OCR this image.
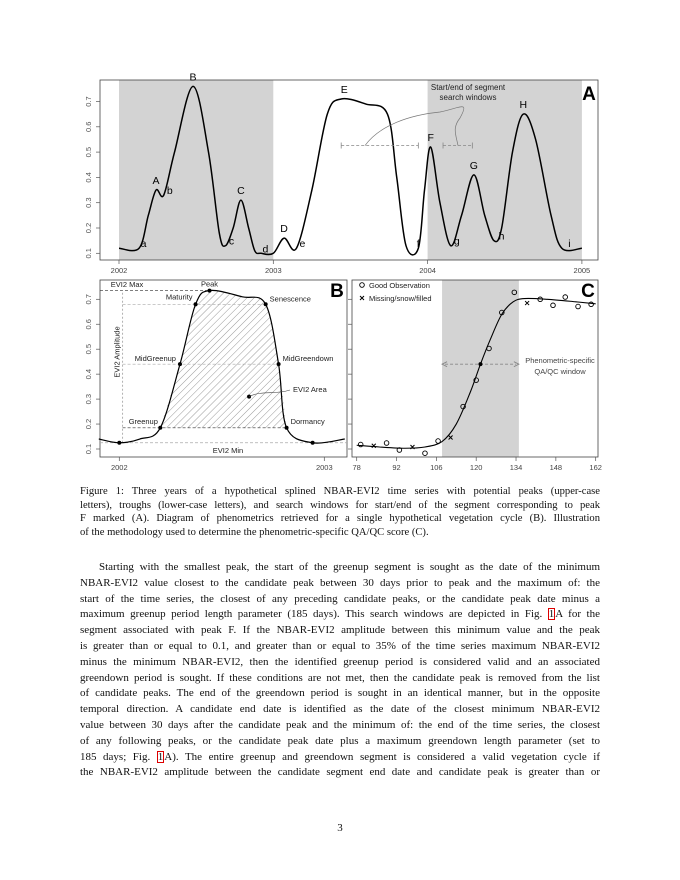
0.1
0.2
0.3
0.4
0.5
0.6
0.7
2002	2003	2004	2005
a
A
b
B
c
C
d
D
e
E
f
F
g
G
h
H
i
Start/end of segment
search windows	A
0.1
0.2
0.3
0.4
0.5
0.6
0.7
2002	2003
Greenup
MidGreenup
Maturity
Peak
Senescence
MidGreendown
Dormancy
EVI2 Max
EVI2 Min
EVI2 Amplitude
EVI2 Area
B
78	92	106	120	134	148	162
Phenometric-specific
QA/QC window
Good Observation
Missing/snow/filled	C
Figure 1: Three years of a hypothetical splined NBAR-EVI2 time series with potential peaks (upper-case
letters), troughs (lower-case letters), and search windows for start/end of the segment corresponding to peak
F marked (A). Diagram of phenometrics retrieved for a single hypothetical vegetation cycle (B). Illustration
of the methodology used to determine the phenometric-specific QA/QC score (C).
Starting with the smallest peak, the start of the greenup segment is sought as the date of the minimum
NBAR-EVI2 value closest to the candidate peak between 30 days prior to peak and the maximum of: the
start of the time series, the closest of any preceding candidate peaks, or the candidate peak date minus a
maximum greenup period length parameter (185 days). This search windows are depicted in Fig. 1A for the
segment associated with peak F. If the NBAR-EVI2 amplitude between this minimum value and the peak
is greater than or equal to 0.1, and greater than or equal to 35% of the time series maximum NBAR-EVI2
minus the minimum NBAR-EVI2, then the identified greenup period is considered valid and an associated
greendown period is sought. If these conditions are not met, then the candidate peak is removed from the list
of candidate peaks. The end of the greendown period is sought in an identical manner, but in the opposite
temporal direction. A candidate end date is identified as the date of the closest minimum NBAR-EVI2
value between 30 days after the candidate peak and the minimum of: the end of the time series, the closest
of any following peaks, or the candidate peak date plus a maximum greendown length parameter (set to
185 days; Fig. 1A). The entire greenup and greendown segment is considered a valid vegetation cycle if
the NBAR-EVI2 amplitude between the candidate segment end date and candidate peak is greater than or
3
